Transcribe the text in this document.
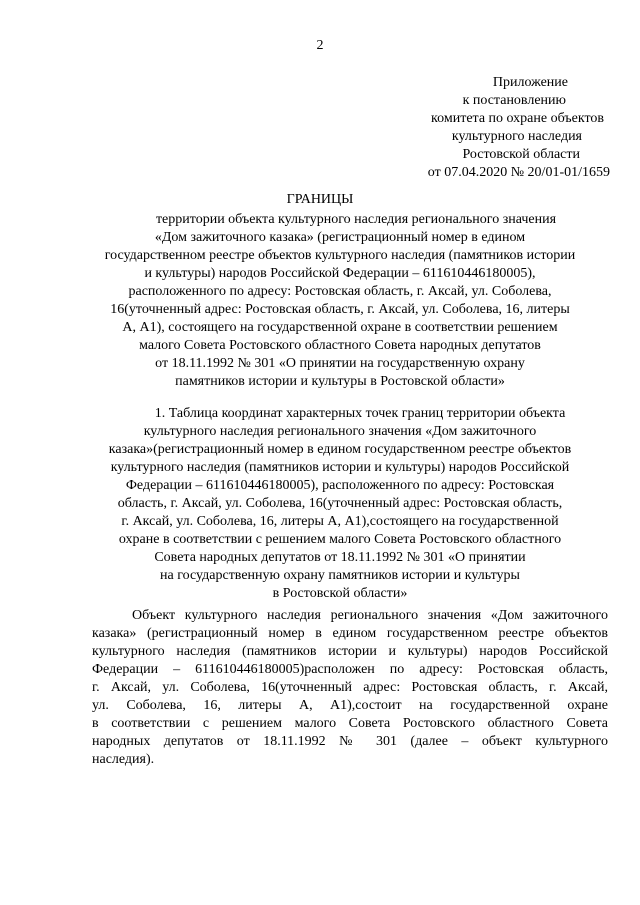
2
Приложение
к постановлению
комитета по охране объектов
культурного наследия
Ростовской области
от 07.04.2020 № 20/01-01/1659
ГРАНИЦЫ
территории объекта культурного наследия регионального значения
«Дом зажиточного казака» (регистрационный номер в едином
государственном реестре объектов культурного наследия (памятников истории
и культуры) народов Российской Федерации – 611610446180005),
расположенного по адресу: Ростовская область, г. Аксай, ул. Соболева,
16(уточненный адрес: Ростовская область, г. Аксай, ул. Соболева, 16, литеры
А, А1), состоящего на государственной охране в соответствии решением
малого Совета Ростовского областного Совета народных депутатов
от 18.11.1992 № 301 «О принятии на государственную охрану
памятников истории и культуры в Ростовской области»
1. Таблица координат характерных точек границ территории объекта
культурного наследия регионального значения «Дом зажиточного
казака»(регистрационный номер в едином государственном реестре объектов
культурного наследия (памятников истории и культуры) народов Российской
Федерации – 611610446180005), расположенного по адресу: Ростовская
область, г. Аксай, ул. Соболева, 16(уточненный адрес: Ростовская область,
г. Аксай, ул. Соболева, 16, литеры А, А1),состоящего на государственной
охране в соответствии с решением малого Совета Ростовского областного
Совета народных депутатов от 18.11.1992 № 301 «О принятии
на государственную охрану памятников истории и культуры
в Ростовской области»
Объект культурного наследия регионального значения «Дом зажиточного
казака» (регистрационный номер в едином государственном реестре объектов
культурного наследия (памятников истории и культуры) народов Российской
Федерации – 611610446180005)расположен по адресу: Ростовская область,
г. Аксай, ул. Соболева, 16(уточненный адрес: Ростовская область, г. Аксай,
ул. Соболева, 16, литеры А, А1),состоит на государственной охране
в соответствии с решением малого Совета Ростовского областного Совета
народных депутатов от 18.11.1992 № 301 (далее – объект культурного
наследия).
